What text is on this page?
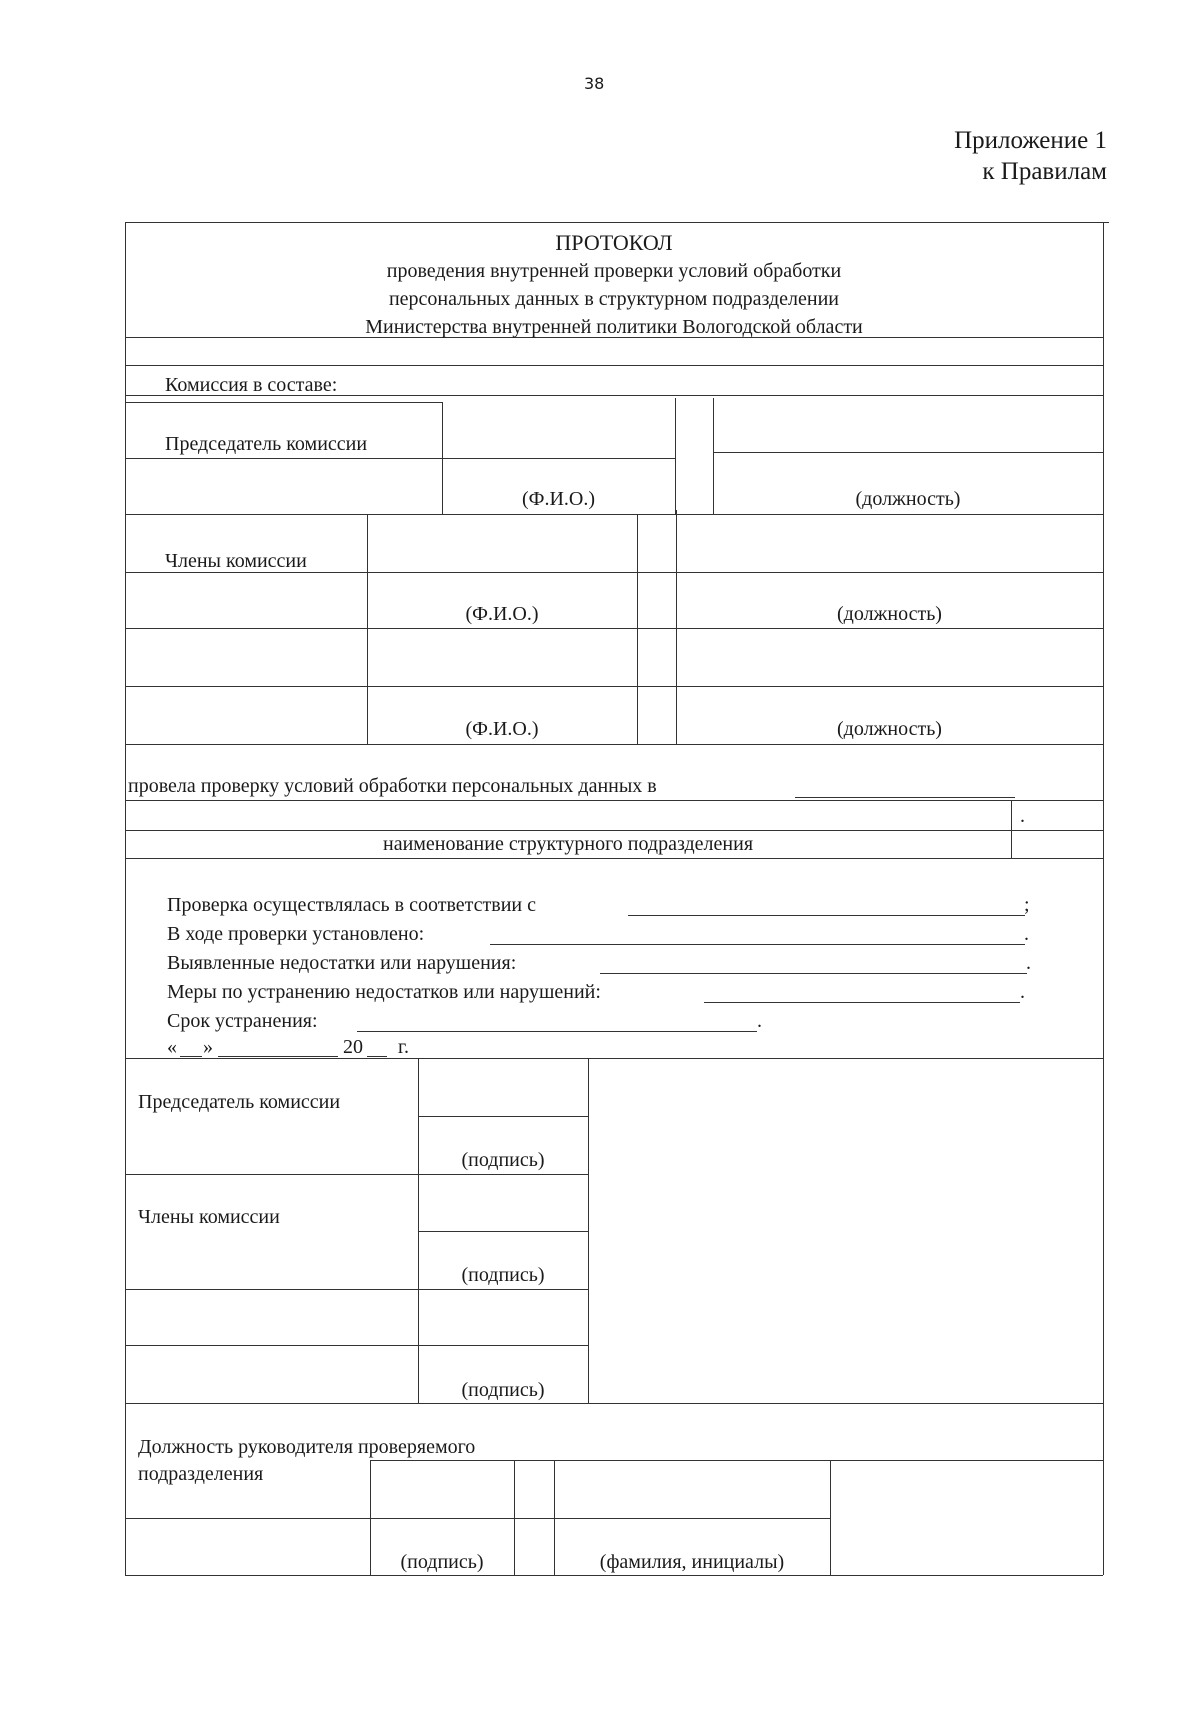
38
Приложение 1
к Правилам
ПРОТОКОЛ
проведения внутренней проверки условий обработки
персональных данных в структурном подразделении
Министерства внутренней политики Вологодской области
Комиссия в составе:
Председатель комиссии
(Ф.И.О.)	(должность)
Члены комиссии
(Ф.И.О.)	(должность)
(Ф.И.О.)	(должность)
провела проверку условий обработки персональных данных в
.
наименование структурного подразделения
Проверка осуществлялась в соответствии с	;
В ходе проверки установлено:	.
Выявленные недостатки или нарушения:	.
Меры по устранению недостатков или нарушений:	.
Срок устранения:	.
« »	20 г.
Председатель комиссии
(подпись)
Члены комиссии
(подпись)
(подпись)
Должность руководителя проверяемого
подразделения
(подпись)	(фамилия, инициалы)
